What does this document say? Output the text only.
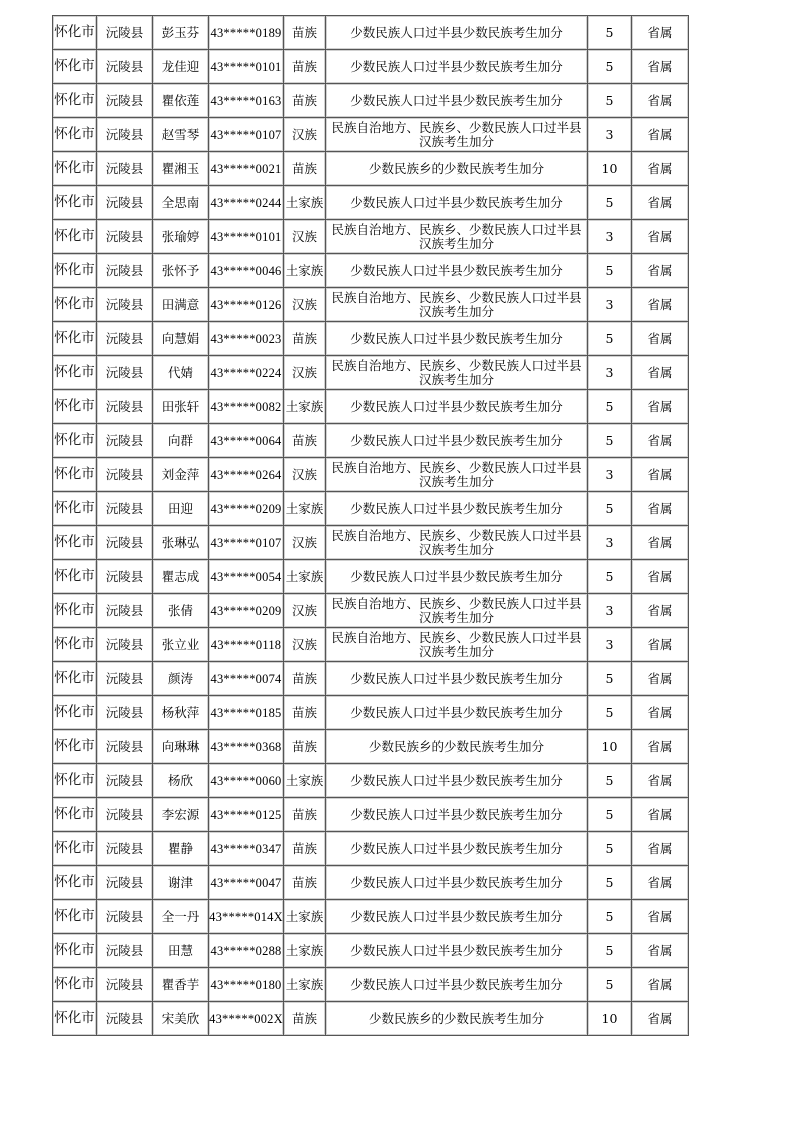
怀化市	沅陵县	彭玉芬	43*****0189	苗族	少数民族人口过半县少数民族考生加分	5	省属
怀化市	沅陵县	龙佳迎	43*****0101	苗族	少数民族人口过半县少数民族考生加分	5	省属
怀化市	沅陵县	瞿依莲	43*****0163	苗族	少数民族人口过半县少数民族考生加分	5	省属
怀化市	沅陵县	赵雪琴	43*****0107	汉族	民族自治地方、民族乡、少数民族人口过半县汉族考生加分	3	省属
怀化市	沅陵县	瞿湘玉	43*****0021	苗族	少数民族乡的少数民族考生加分	10	省属
怀化市	沅陵县	全思南	43*****0244	土家族	少数民族人口过半县少数民族考生加分	5	省属
怀化市	沅陵县	张瑜婷	43*****0101	汉族	民族自治地方、民族乡、少数民族人口过半县汉族考生加分	3	省属
怀化市	沅陵县	张怀予	43*****0046	土家族	少数民族人口过半县少数民族考生加分	5	省属
怀化市	沅陵县	田满意	43*****0126	汉族	民族自治地方、民族乡、少数民族人口过半县汉族考生加分	3	省属
怀化市	沅陵县	向慧娟	43*****0023	苗族	少数民族人口过半县少数民族考生加分	5	省属
怀化市	沅陵县	代婧	43*****0224	汉族	民族自治地方、民族乡、少数民族人口过半县汉族考生加分	3	省属
怀化市	沅陵县	田张轩	43*****0082	土家族	少数民族人口过半县少数民族考生加分	5	省属
怀化市	沅陵县	向群	43*****0064	苗族	少数民族人口过半县少数民族考生加分	5	省属
怀化市	沅陵县	刘金萍	43*****0264	汉族	民族自治地方、民族乡、少数民族人口过半县汉族考生加分	3	省属
怀化市	沅陵县	田迎	43*****0209	土家族	少数民族人口过半县少数民族考生加分	5	省属
怀化市	沅陵县	张琳弘	43*****0107	汉族	民族自治地方、民族乡、少数民族人口过半县汉族考生加分	3	省属
怀化市	沅陵县	瞿志成	43*****0054	土家族	少数民族人口过半县少数民族考生加分	5	省属
怀化市	沅陵县	张倩	43*****0209	汉族	民族自治地方、民族乡、少数民族人口过半县汉族考生加分	3	省属
怀化市	沅陵县	张立业	43*****0118	汉族	民族自治地方、民族乡、少数民族人口过半县汉族考生加分	3	省属
怀化市	沅陵县	颜涛	43*****0074	苗族	少数民族人口过半县少数民族考生加分	5	省属
怀化市	沅陵县	杨秋萍	43*****0185	苗族	少数民族人口过半县少数民族考生加分	5	省属
怀化市	沅陵县	向琳琳	43*****0368	苗族	少数民族乡的少数民族考生加分	10	省属
怀化市	沅陵县	杨欣	43*****0060	土家族	少数民族人口过半县少数民族考生加分	5	省属
怀化市	沅陵县	李宏源	43*****0125	苗族	少数民族人口过半县少数民族考生加分	5	省属
怀化市	沅陵县	瞿静	43*****0347	苗族	少数民族人口过半县少数民族考生加分	5	省属
怀化市	沅陵县	谢津	43*****0047	苗族	少数民族人口过半县少数民族考生加分	5	省属
怀化市	沅陵县	全一丹	43*****014X	土家族	少数民族人口过半县少数民族考生加分	5	省属
怀化市	沅陵县	田慧	43*****0288	土家族	少数民族人口过半县少数民族考生加分	5	省属
怀化市	沅陵县	瞿香芋	43*****0180	土家族	少数民族人口过半县少数民族考生加分	5	省属
怀化市	沅陵县	宋美欣	43*****002X	苗族	少数民族乡的少数民族考生加分	10	省属
